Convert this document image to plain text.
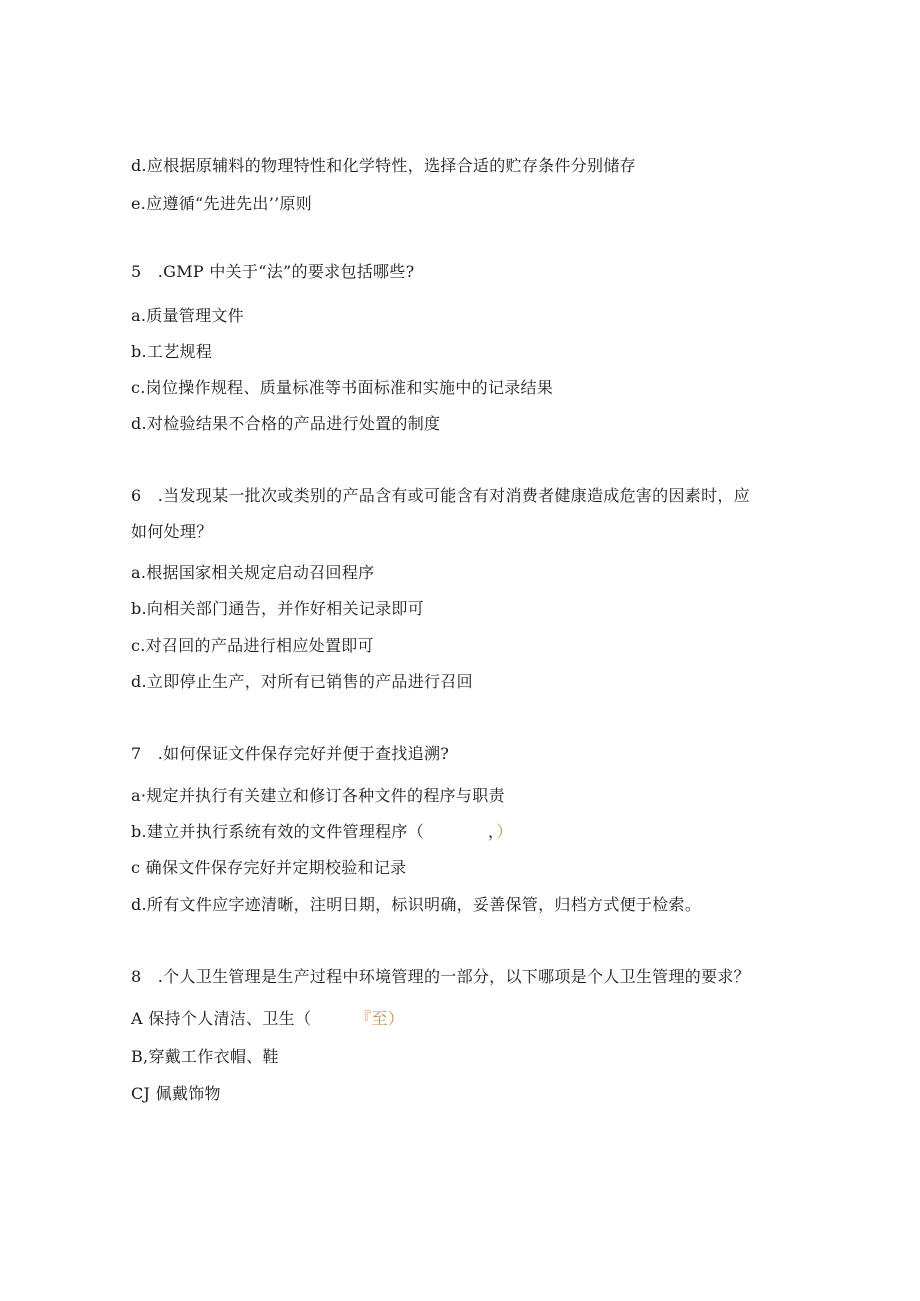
d.应根据原辅料的物理特性和化学特性，选择合适的贮存条件分别储存
e.应遵循“先进先出’’原则
5　.GMP 中关于“法”的要求包括哪些?
a.质量管理文件
b.工艺规程
c.岗位操作规程、质量标准等书面标准和实施中的记录结果
d.对检验结果不合格的产品进行处置的制度
6　.当发现某一批次或类别的产品含有或可能含有对消费者健康造成危害的因素时，应
如何处理？
a.根据国家相关规定启动召回程序
b.向相关部门通告，并作好相关记录即可
c.对召回的产品进行相应处置即可
d.立即停止生产，对所有已销售的产品进行召回
7　.如何保证文件保存完好并便于查找追溯?
a·规定并执行有关建立和修订各种文件的程序与职责
b.建立并执行系统有效的文件管理程序（	，）
c 确保文件保存完好并定期校验和记录
d.所有文件应字迹清晰，注明日期，标识明确，妥善保管，归档方式便于检索。
8　.个人卫生管理是生产过程中环境管理的一部分，以下哪项是个人卫生管理的要求？
A 保持个人清洁、卫生（	『至）
B,穿戴工作衣帽、鞋
CJ 佩戴饰物
